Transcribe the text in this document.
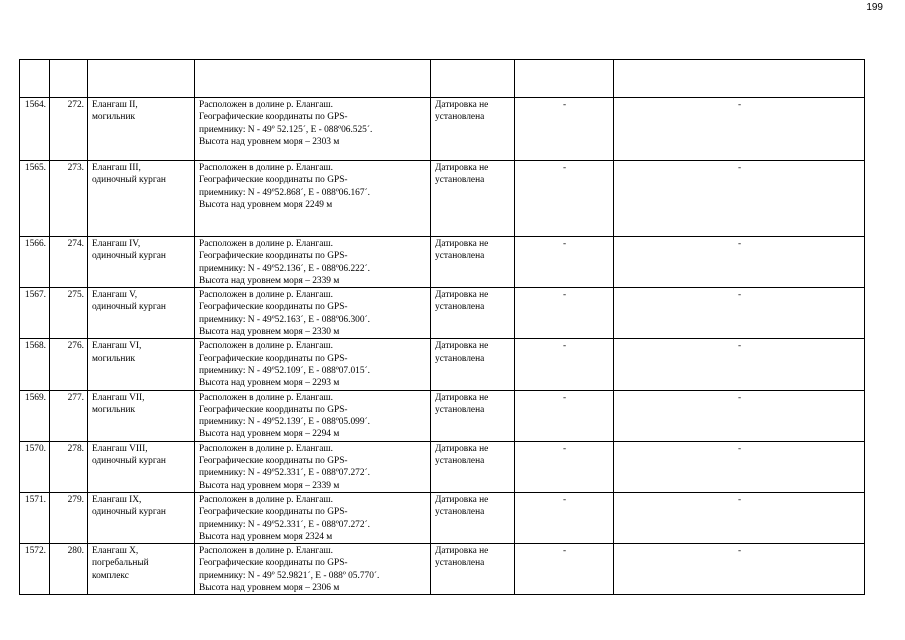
199

1564.	272.	Елангаш II,
могильник	Расположен в долине р. Елангаш.
Географические координаты по GPS-
приемнику: N - 49º 52.125´, E - 088º06.525´.
Высота над уровнем моря – 2303 м	Датировка не
установлена	-	-

1565.	273.	Елангаш III,
одиночный курган	Расположен в долине р. Елангаш.
Географические координаты по GPS-
приемнику: N - 49º52.868´, E - 088º06.167´.
Высота над уровнем моря 2249 м	Датировка не
установлена	-	-

1566.	274.	Елангаш IV,
одиночный курган	Расположен в долине р. Елангаш.
Географические координаты по GPS-
приемнику: N - 49º52.136´, E - 088º06.222´.
Высота над уровнем моря – 2339 м	Датировка не
установлена	-	-

1567.	275.	Елангаш V,
одиночный курган	Расположен в долине р. Елангаш.
Географические координаты по GPS-
приемнику: N - 49º52.163´, E - 088º06.300´.
Высота над уровнем моря – 2330 м	Датировка не
установлена	-	-

1568.	276.	Елангаш VI,
могильник	Расположен в долине р. Елангаш.
Географические координаты по GPS-
приемнику: N - 49º52.109´, E - 088º07.015´.
Высота над уровнем моря – 2293 м	Датировка не
установлена	-	-

1569.	277.	Елангаш VII,
могильник	Расположен в долине р. Елангаш.
Географические координаты по GPS-
приемнику: N - 49º52.139´, E - 088º05.099´.
Высота над уровнем моря – 2294 м	Датировка не
установлена	-	-

1570.	278.	Елангаш VIII,
одиночный курган	Расположен в долине р. Елангаш.
Географические координаты по GPS-
приемнику: N - 49º52.331´, E - 088º07.272´.
Высота над уровнем моря – 2339 м	Датировка не
установлена	-	-

1571.	279.	Елангаш IX,
одиночный курган	Расположен в долине р. Елангаш.
Географические координаты по GPS-
приемнику: N - 49º52.331´, E - 088º07.272´.
Высота над уровнем моря 2324 м	Датировка не
установлена	-	-

1572.	280.	Елангаш X,
погребальный
комплекс	Расположен в долине р. Елангаш.
Географические координаты по GPS-
приемнику: N - 49º 52.9821´, E - 088º 05.770´.
Высота над уровнем моря – 2306 м	Датировка не
установлена	-	-
